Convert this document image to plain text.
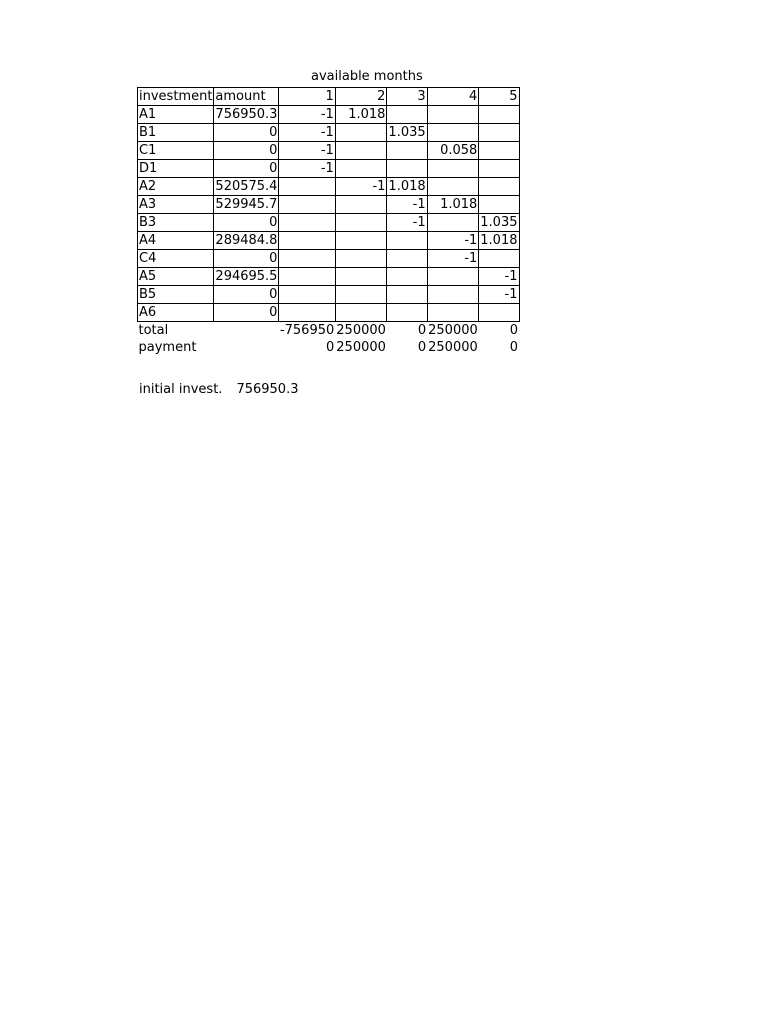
available months
investment	amount	1	2	3	4	5
A1	756950.3	-1	1.018			
B1	0	-1		1.035		
C1	0	-1			0.058	
D1	0	-1				
A2	520575.4		-1	1.018		
A3	529945.7			-1	1.018	
B3	0			-1		1.035
A4	289484.8				-1	1.018
C4	0				-1	
A5	294695.5					-1
B5	0					-1
A6	0					
total		-756950	250000	0	250000	0
payment		0	250000	0	250000	0
initial invest. 756950.3
